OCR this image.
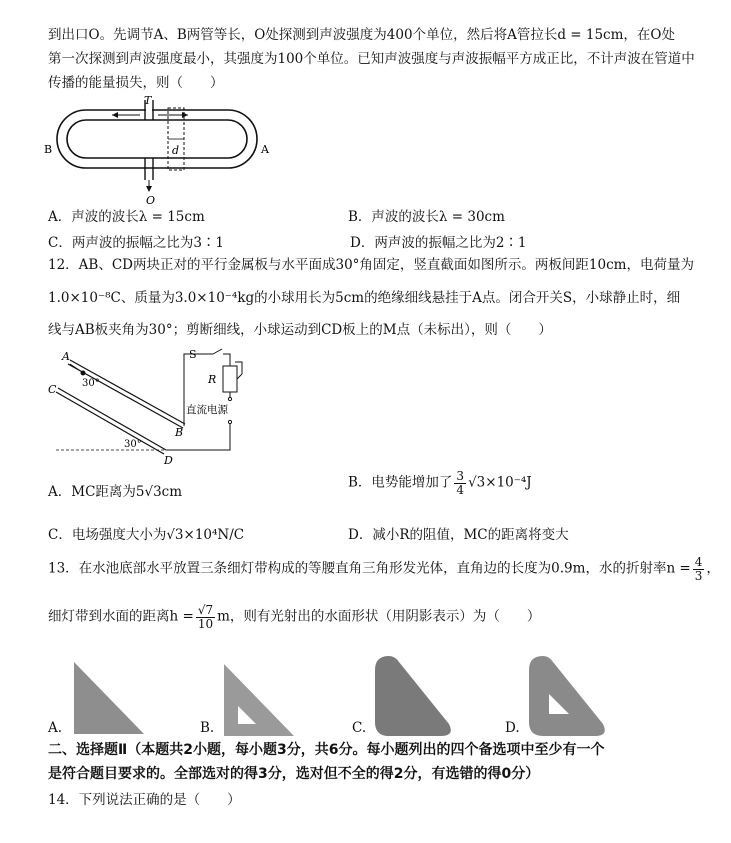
到出口O。先调节A、B两管等长，O处探测到声波强度为400个单位，然后将A管拉长d = 15cm，在O处
第一次探测到声波强度最小，其强度为100个单位。已知声波强度与声波振幅平方成正比，不计声波在管道中
传播的能量损失，则（　　）
T
B	A
d
O
A．声波的波长λ = 15cm	B．声波的波长λ = 30cm
C．两声波的振幅之比为3∶1	D．两声波的振幅之比为2∶1
12．AB、CD两块正对的平行金属板与水平面成30°角固定，竖直截面如图所示。两板间距10cm，电荷量为
1.0×10⁻⁸C、质量为3.0×10⁻⁴kg的小球用长为5cm的绝缘细线悬挂于A点。闭合开关S，小球静止时，细
线与AB板夹角为30°；剪断细线，小球运动到CD板上的M点（未标出），则（　　）
A
C
B
D
S
R
30°
30°
直流电源
A．MC距离为5√3cm
B．电势能增加了 $\frac{3}{4} √3\times 10^{-4}J$
C．电场强度大小为√3×10⁴N/C	D．减小R的阻值，MC的距离将变大
13．在水池底部水平放置三条细灯带构成的等腰直角三角形发光体，直角边的长度为0.9m，水的折射率$n = \frac{4}{3}$ ，
细灯带到水面的距离$h = \frac{√7}{10}$ m，则有光射出的水面形状（用阴影表示）为（　　）
A.	B.	C.	D.
二、选择题Ⅱ（本题共2小题，每小题3分，共6分。每小题列出的四个备选项中至少有一个
是符合题目要求的。全部选对的得3分，选对但不全的得2分，有选错的得0分）
14．下列说法正确的是（　　）
